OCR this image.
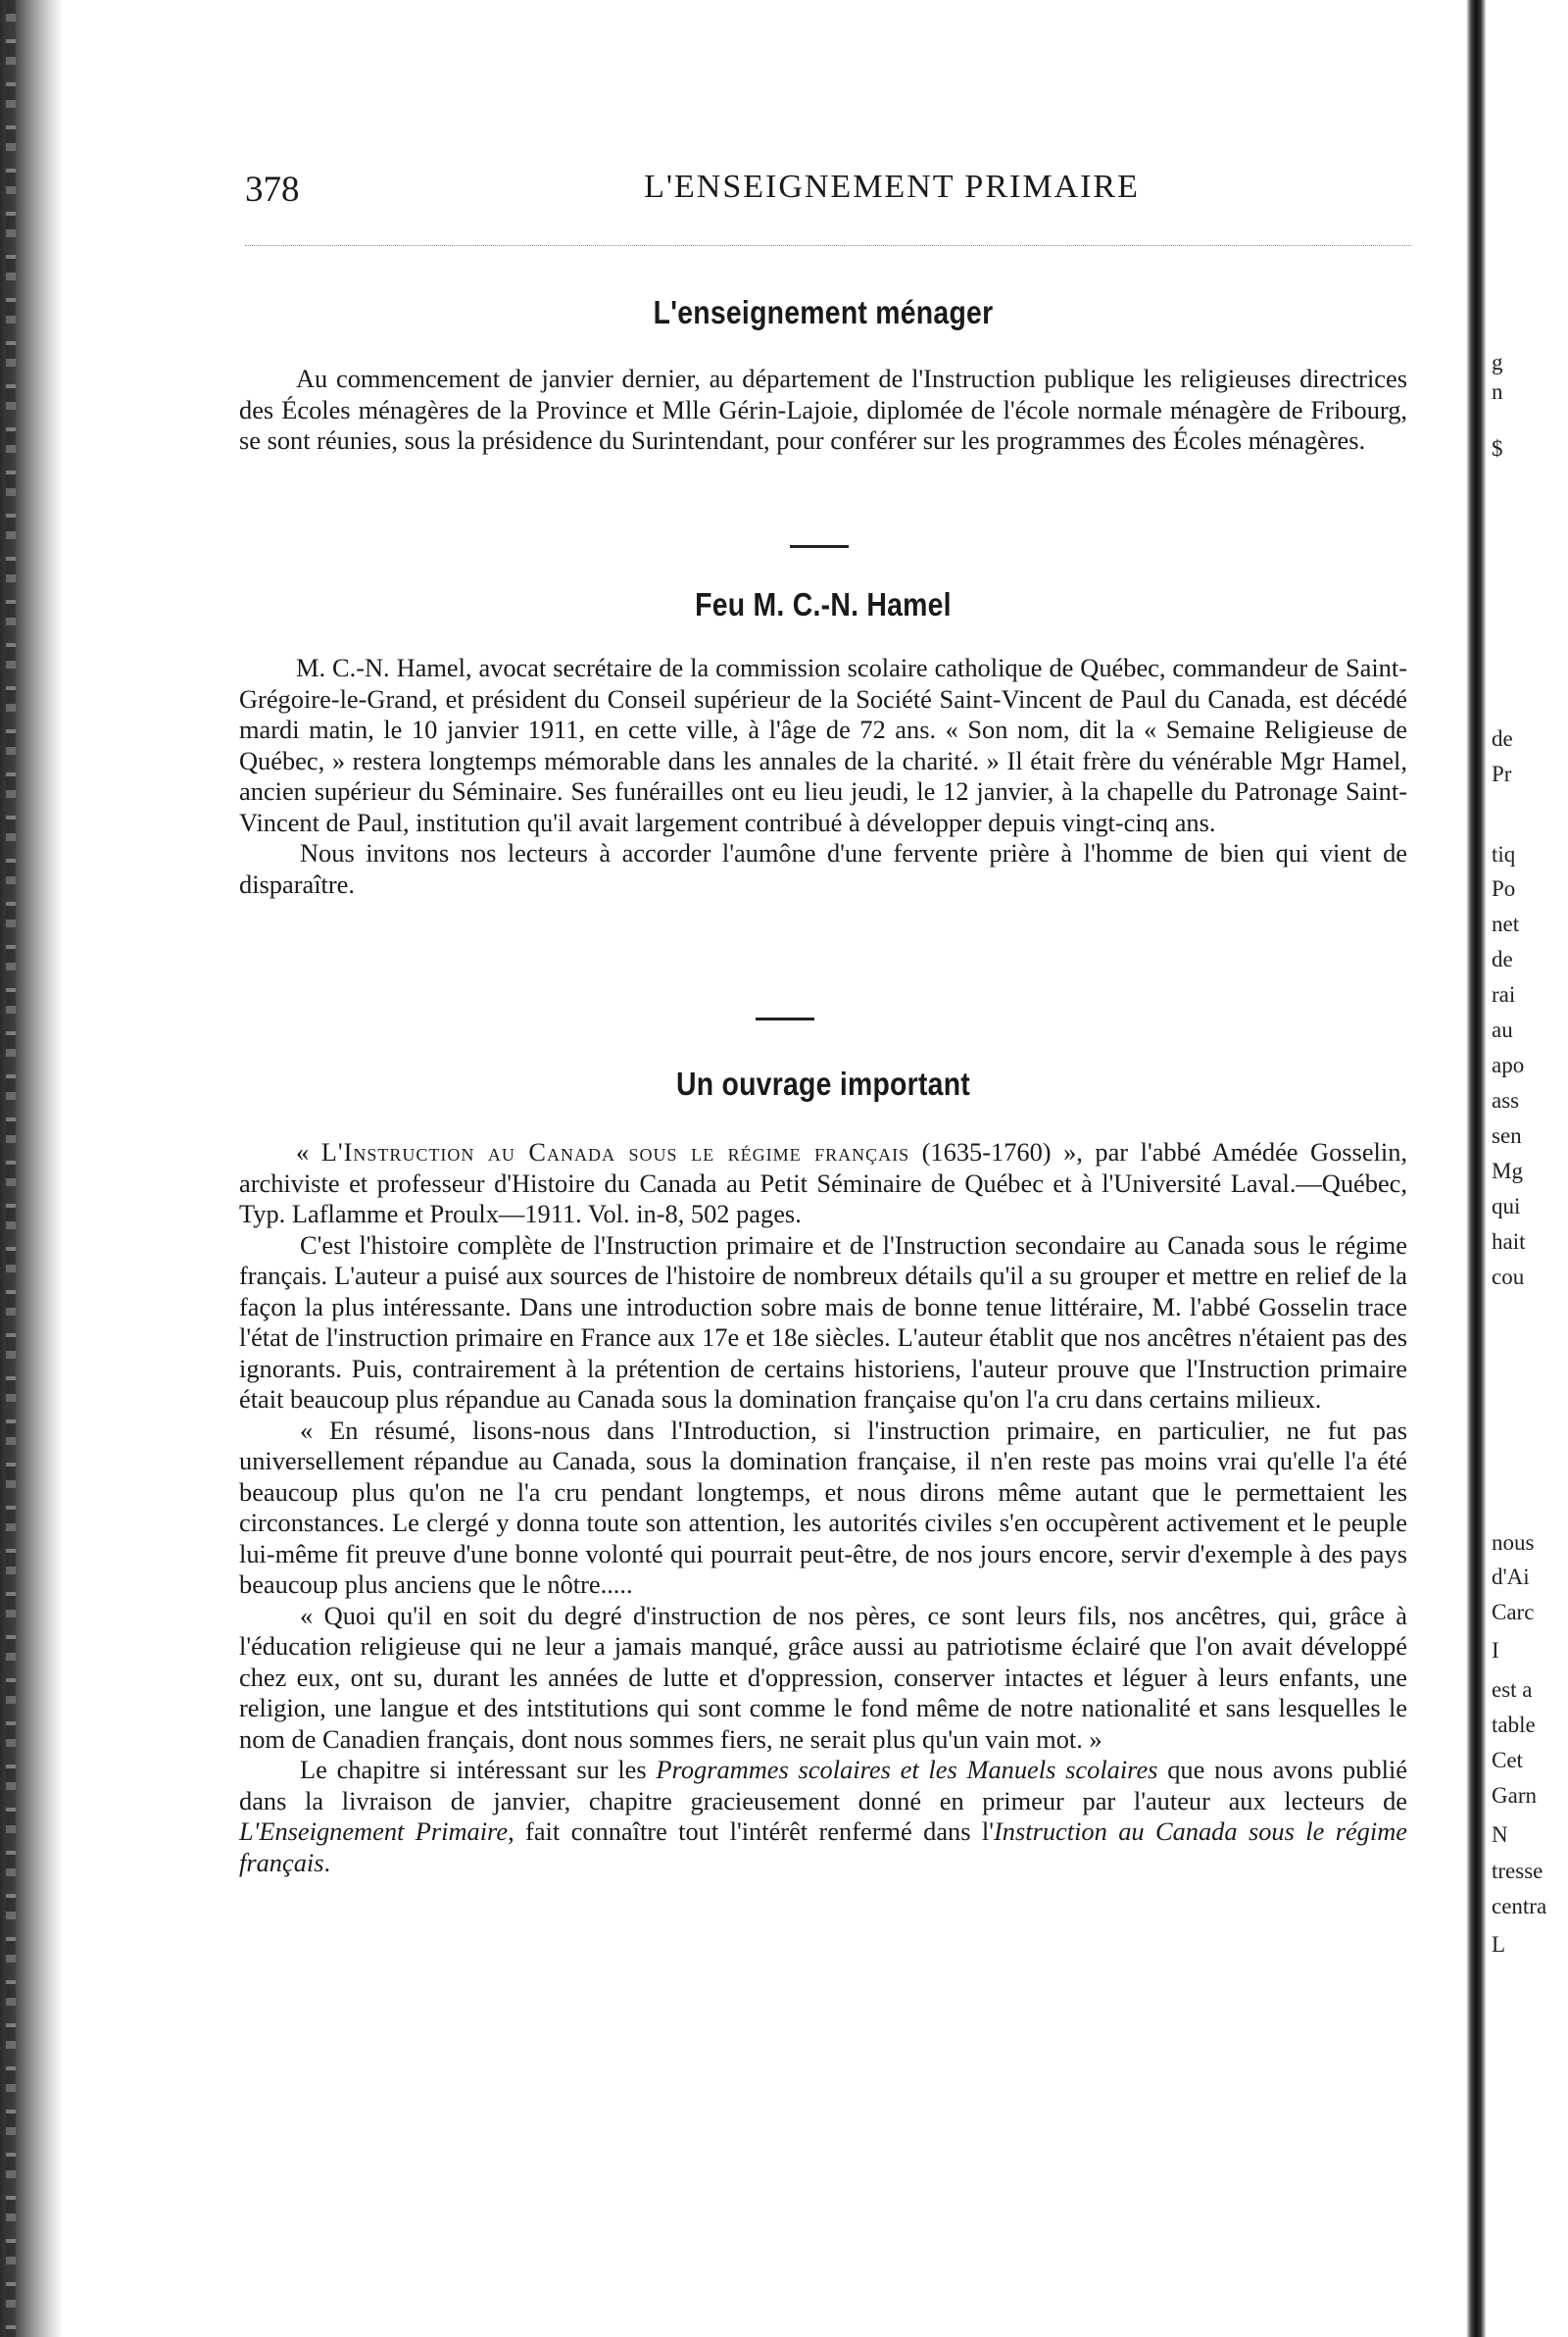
378	L'ENSEIGNEMENT PRIMAIRE
L'enseignement ménager

Au commencement de janvier dernier, au département de l'Instruction publique les religieuses directrices des Écoles ménagères de la Province et Mlle Gérin-Lajoie, diplomée de l'école normale ménagère de Fribourg, se sont réunies, sous la présidence du Surintendant, pour conférer sur les programmes des Écoles ménagères.

Feu M. C.-N. Hamel

M. C.-N. Hamel, avocat secrétaire de la commission scolaire catholique de Québec, commandeur de Saint-Grégoire-le-Grand, et président du Conseil supérieur de la Société Saint-Vincent de Paul du Canada, est décédé mardi matin, le 10 janvier 1911, en cette ville, à l'âge de 72 ans. « Son nom, dit la « Semaine Religieuse de Québec, » restera longtemps mémorable dans les annales de la charité. » Il était frère du vénérable Mgr Hamel, ancien supérieur du Séminaire. Ses funérailles ont eu lieu jeudi, le 12 janvier, à la chapelle du Patronage Saint-Vincent de Paul, institution qu'il avait largement contribué à développer depuis vingt-cinq ans.

Nous invitons nos lecteurs à accorder l'aumône d'une fervente prière à l'homme de bien qui vient de disparaître.

Un ouvrage important

« L'Instruction au Canada sous le régime français (1635-1760) », par l'abbé Amédée Gosselin, archiviste et professeur d'Histoire du Canada au Petit Séminaire de Québec et à l'Université Laval.—Québec, Typ. Laflamme et Proulx—1911. Vol. in-8, 502 pages.

C'est l'histoire complète de l'Instruction primaire et de l'Instruction secondaire au Canada sous le régime français. L'auteur a puisé aux sources de l'histoire de nombreux détails qu'il a su grouper et mettre en relief de la façon la plus intéressante. Dans une introduction sobre mais de bonne tenue littéraire, M. l'abbé Gosselin trace l'état de l'instruction primaire en France aux 17e et 18e siècles. L'auteur établit que nos ancêtres n'étaient pas des ignorants. Puis, contrairement à la prétention de certains historiens, l'auteur prouve que l'Instruction primaire était beaucoup plus répandue au Canada sous la domination française qu'on l'a cru dans certains milieux.

« En résumé, lisons-nous dans l'Introduction, si l'instruction primaire, en particulier, ne fut pas universellement répandue au Canada, sous la domination française, il n'en reste pas moins vrai qu'elle l'a été beaucoup plus qu'on ne l'a cru pendant longtemps, et nous dirons même autant que le permettaient les circonstances. Le clergé y donna toute son attention, les autorités civiles s'en occupèrent activement et le peuple lui-même fit preuve d'une bonne volonté qui pourrait peut-être, de nos jours encore, servir d'exemple à des pays beaucoup plus anciens que le nôtre.....

« Quoi qu'il en soit du degré d'instruction de nos pères, ce sont leurs fils, nos ancêtres, qui, grâce à l'éducation religieuse qui ne leur a jamais manqué, grâce aussi au patriotisme éclairé que l'on avait développé chez eux, ont su, durant les années de lutte et d'oppression, conserver intactes et léguer à leurs enfants, une religion, une langue et des intstitutions qui sont comme le fond même de notre nationalité et sans lesquelles le nom de Canadien français, dont nous sommes fiers, ne serait plus qu'un vain mot. »

Le chapitre si intéressant sur les Programmes scolaires et les Manuels scolaires que nous avons publié dans la livraison de janvier, chapitre gracieusement donné en primeur par l'auteur aux lecteurs de L'Enseignement Primaire, fait connaître tout l'intérêt renfermé dans l'Instruction au Canada sous le régime français.

g
n
$
de
Pr
tiq
Po
net
de
rai
au
apo
ass
sen
Mg
qui
hait
cou
nous
d'Ai
Carc
I
est a
table
Cet
Garn
N
tresse
centra
L
